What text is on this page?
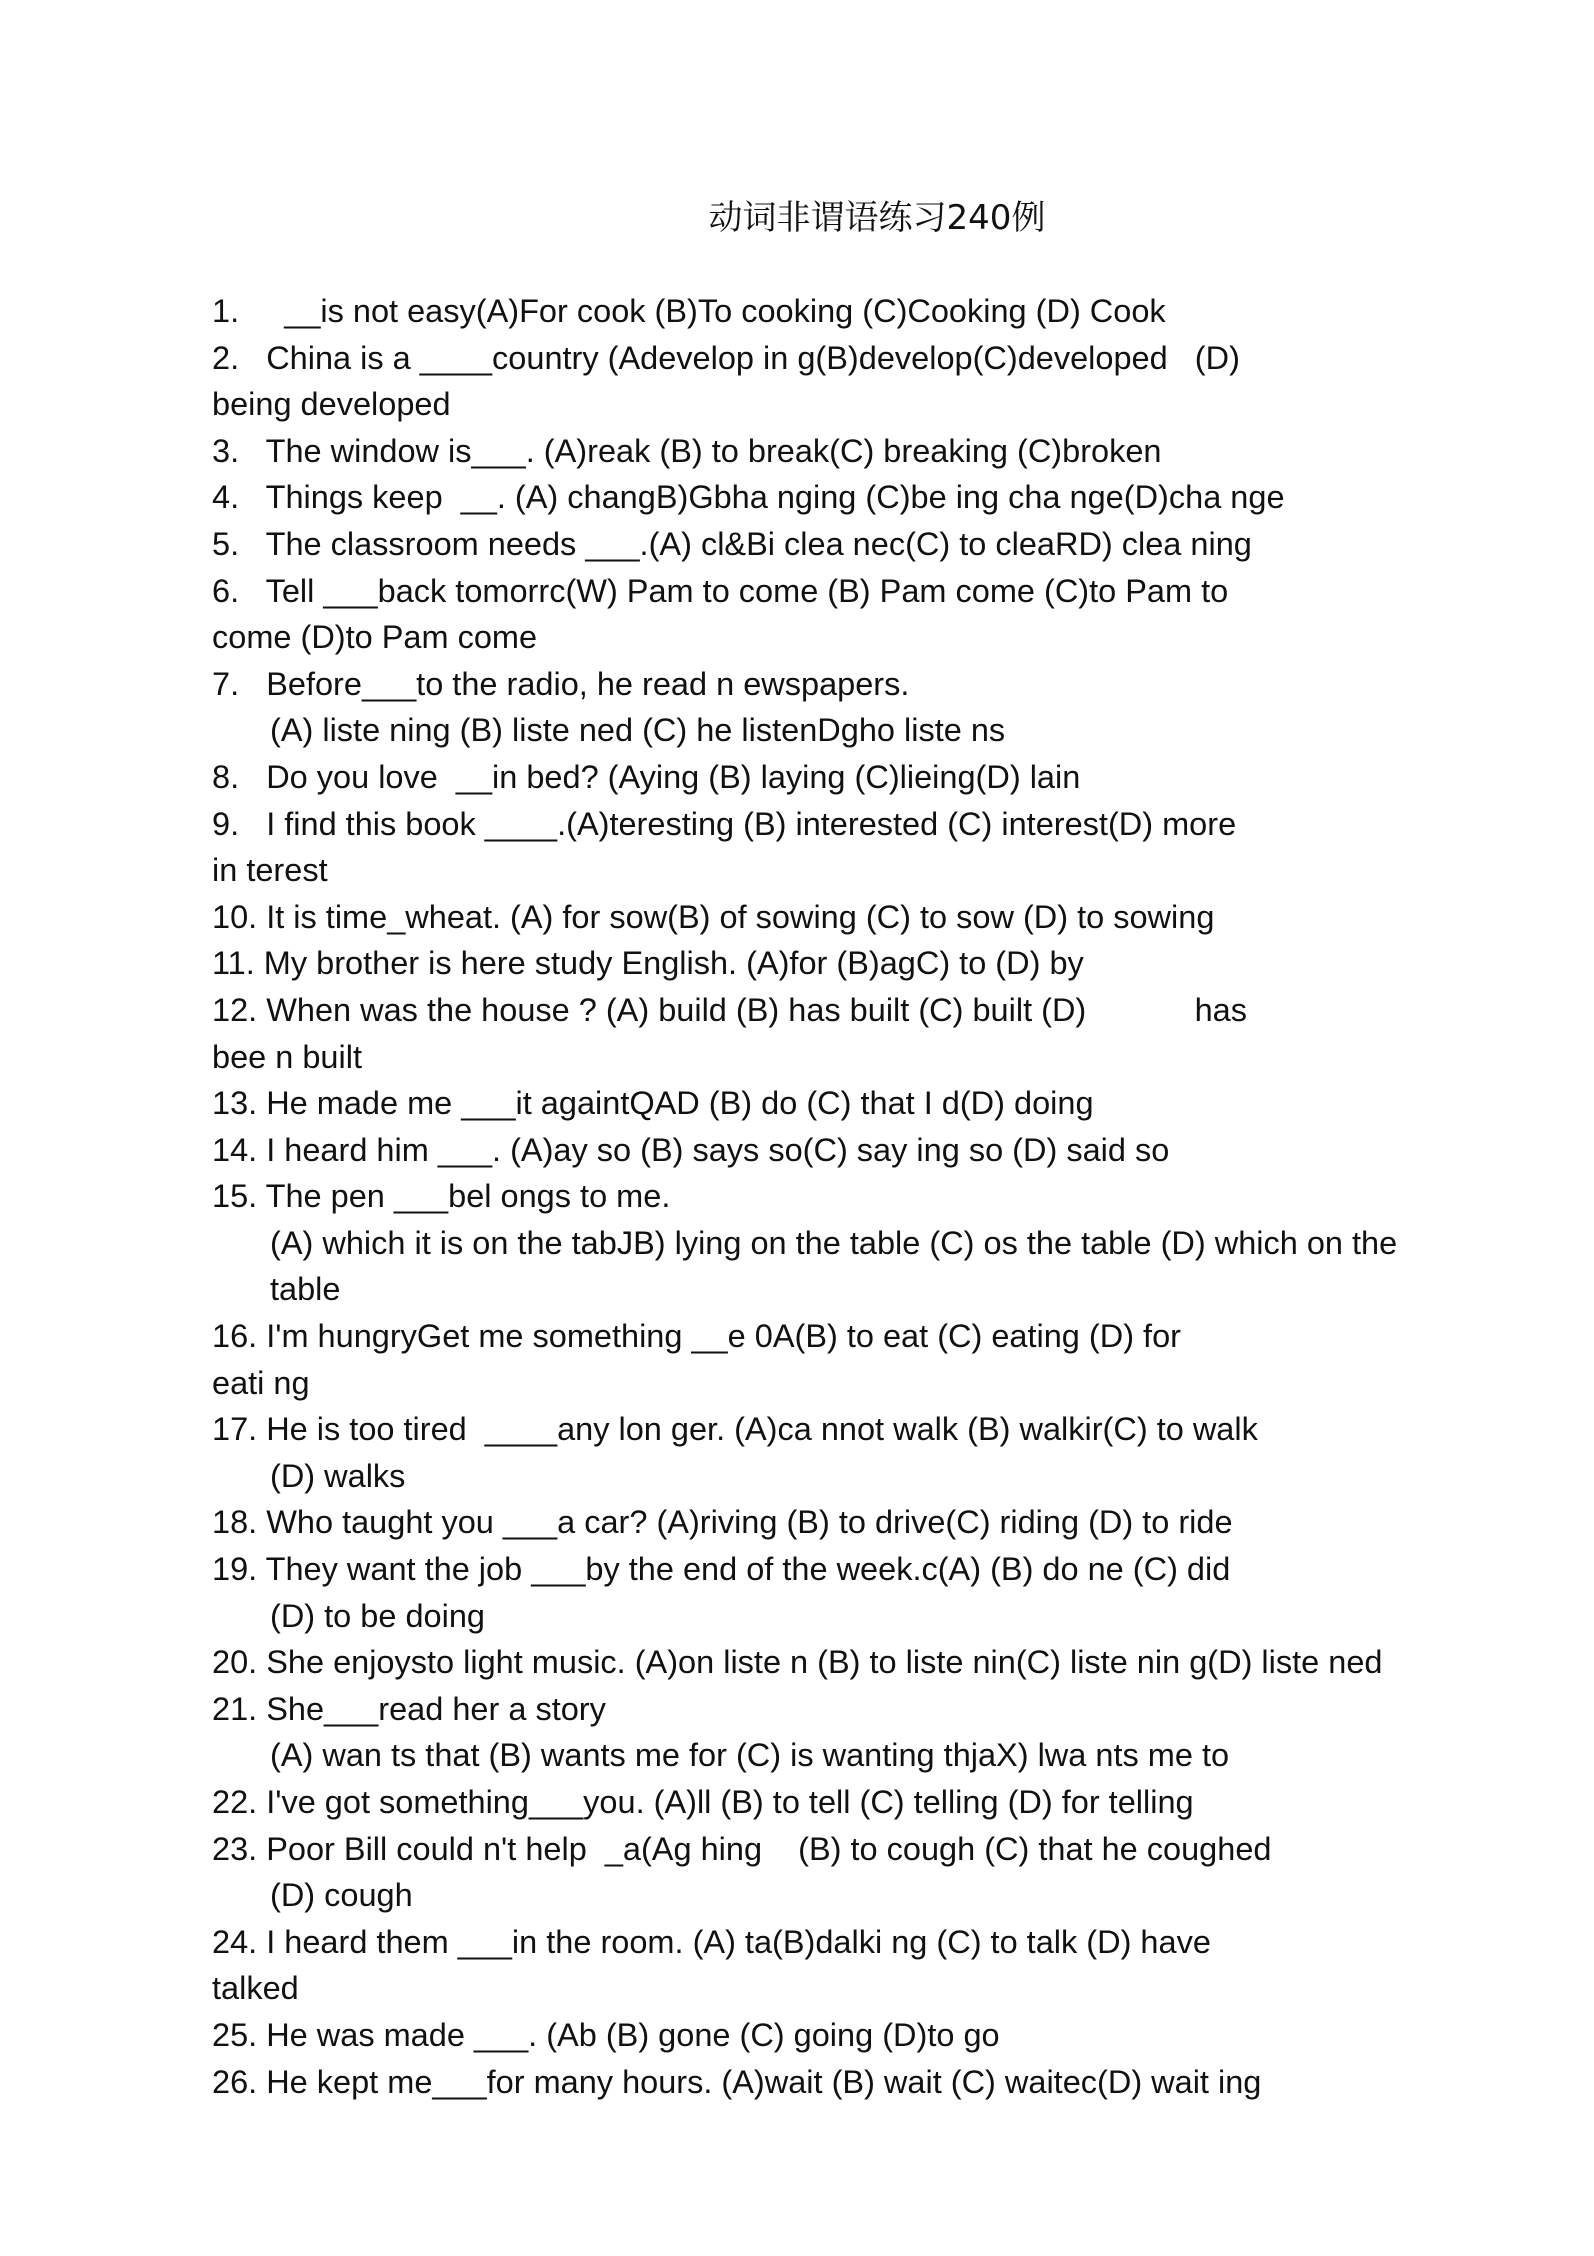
动词非谓语练习240例
1.     __is not easy(A)For cook (B)To cooking (C)Cooking (D) Cook
2.   China is a ____country (Adevelop in g(B)develop(C)developed   (D)
being developed
3.   The window is___. (A)reak (B) to break(C) breaking (C)broken
4.   Things keep  __. (A) changB)Gbha nging (C)be ing cha nge(D)cha nge
5.   The classroom needs ___.(A) cl&Bi clea nec(C) to cleaRD) clea ning
6.   Tell ___back tomorrc(W) Pam to come (B) Pam come (C)to Pam to
come (D)to Pam come
7.   Before___to the radio, he read n ewspapers.
(A) liste ning (B) liste ned (C) he listenDgho liste ns
8.   Do you love  __in bed? (Aying (B) laying (C)lieing(D) lain
9.   I find this book ____.(A)teresting (B) interested (C) interest(D) more
in terest
10. It is time_wheat. (A) for sow(B) of sowing (C) to sow (D) to sowing
11. My brother is here study English. (A)for (B)agC) to (D) by
12. When was the house ? (A) build (B) has built (C) built (D)            has
bee n built
13. He made me ___it againtQAD (B) do (C) that I d(D) doing
14. I heard him ___. (A)ay so (B) says so(C) say ing so (D) said so
15. The pen ___bel ongs to me.
(A) which it is on the tabJB) lying on the table (C) os the table (D) which on the
table
16. I'm hungryGet me something __e 0A(B) to eat (C) eating (D) for
eati ng
17. He is too tired  ____any lon ger. (A)ca nnot walk (B) walkir(C) to walk
(D) walks
18. Who taught you ___a car? (A)riving (B) to drive(C) riding (D) to ride
19. They want the job ___by the end of the week.c(A) (B) do ne (C) did
(D) to be doing
20. She enjoysto light music. (A)on liste n (B) to liste nin(C) liste nin g(D) liste ned
21. She___read her a story
(A) wan ts that (B) wants me for (C) is wanting thjaX) lwa nts me to
22. I've got something___you. (A)ll (B) to tell (C) telling (D) for telling
23. Poor Bill could n't help  _a(Ag hing    (B) to cough (C) that he coughed
(D) cough
24. I heard them ___in the room. (A) ta(B)dalki ng (C) to talk (D) have
talked
25. He was made ___. (Ab (B) gone (C) going (D)to go
26. He kept me___for many hours. (A)wait (B) wait (C) waitec(D) wait ing
